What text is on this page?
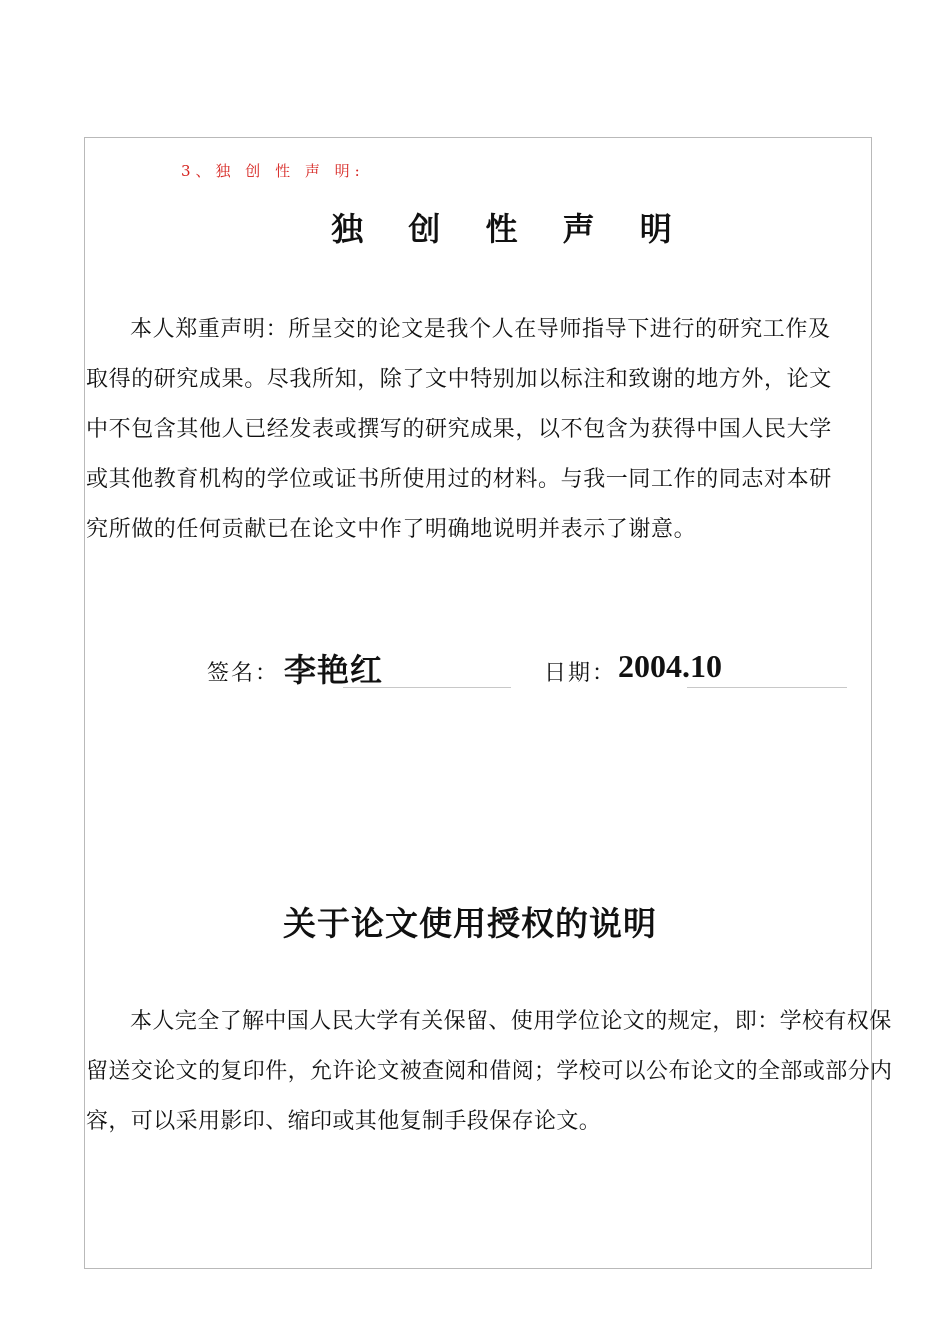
3、独 创 性 声 明:
独 创 性 声 明

本人郑重声明：所呈交的论文是我个人在导师指导下进行的研究工作及取得的研究成果。尽我所知，除了文中特别加以标注和致谢的地方外，论文中不包含其他人已经发表或撰写的研究成果，以不包含为获得中国人民大学或其他教育机构的学位或证书所使用过的材料。与我一同工作的同志对本研究所做的任何贡献已在论文中作了明确地说明并表示了谢意。

签名： 李艳红	日期： 2004.10
关于论文使用授权的说明

本人完全了解中国人民大学有关保留、使用学位论文的规定，即：学校有权保留送交论文的复印件，允许论文被查阅和借阅；学校可以公布论文的全部或部分内容，可以采用影印、缩印或其他复制手段保存论文。
